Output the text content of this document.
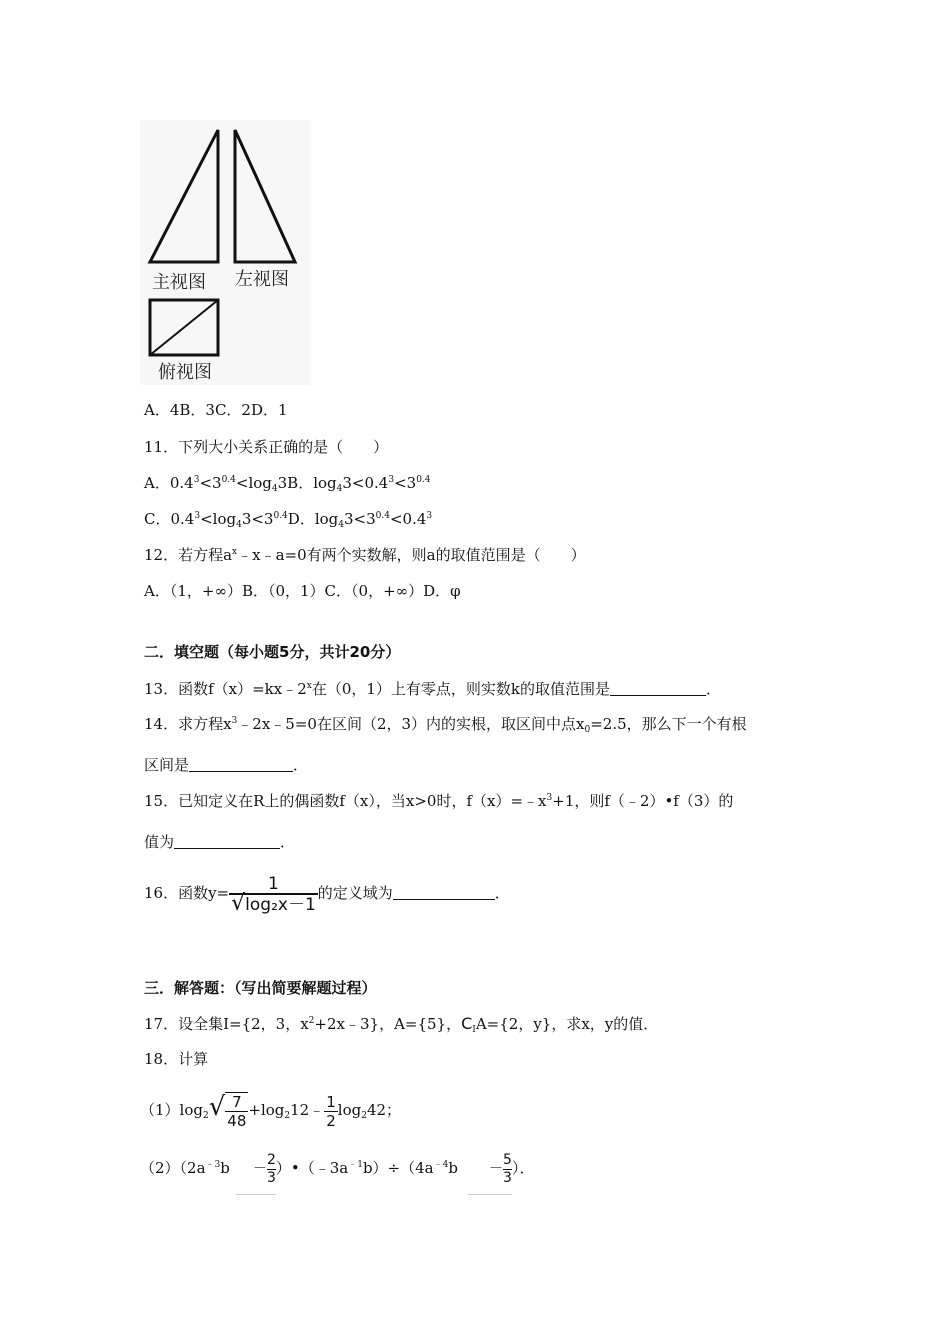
主视图 左视图
俯视图
A．4B．3C．2D．1
11．下列大小关系正确的是（　　）
A．$0.4^3<3^{0.4}<\log_43B$．$\log_43<0.4^3<3^{0.4}$
C．$0.4^3<\log_43<3^{0.4}D$．$\log_43<3^{0.4}<0.4^3$
12．若方程$a^x﹣x﹣a=0$有两个实数解，则a的取值范围是（　　）
A．（1，+∞）B．（0，1）C．（0，+∞）D．φ
二．填空题（每小题5分，共计20分）
13．函数$f(x)=kx﹣2^x$在（0，1）上有零点，则实数k的取值范围是	．
14．求方程$x^3﹣2x﹣5=0$在区间（2，3）内的实根，取区间中点$x_0=2.5$，那么下一个有根
区间是	．
15．已知定义在R上的偶函数f（x），当x>0时，$f(x)=﹣x^3+1$，则f（﹣2）•f（3）的
值为	．
16．函数$y= \frac{1}{\text{√log₂x－1}}$ 的定义域为	．
三．解答题：（写出简要解题过程）
17．设全集I={2，3，$x^2+2x﹣3$}，A={5}，$C_IA=\{2$，y}，求x，y的值．
18．计算
$(1)\log_2√ \frac{7}{48}$ $+\log_212﹣ \frac{1}{2} \log_242$；
$(2)(2a^{﹣3}b - \frac{2}{3}$ ）$•(﹣3a^{﹣1}b)\div(4a^{﹣4}b - \frac{5}{3}$ ）．
